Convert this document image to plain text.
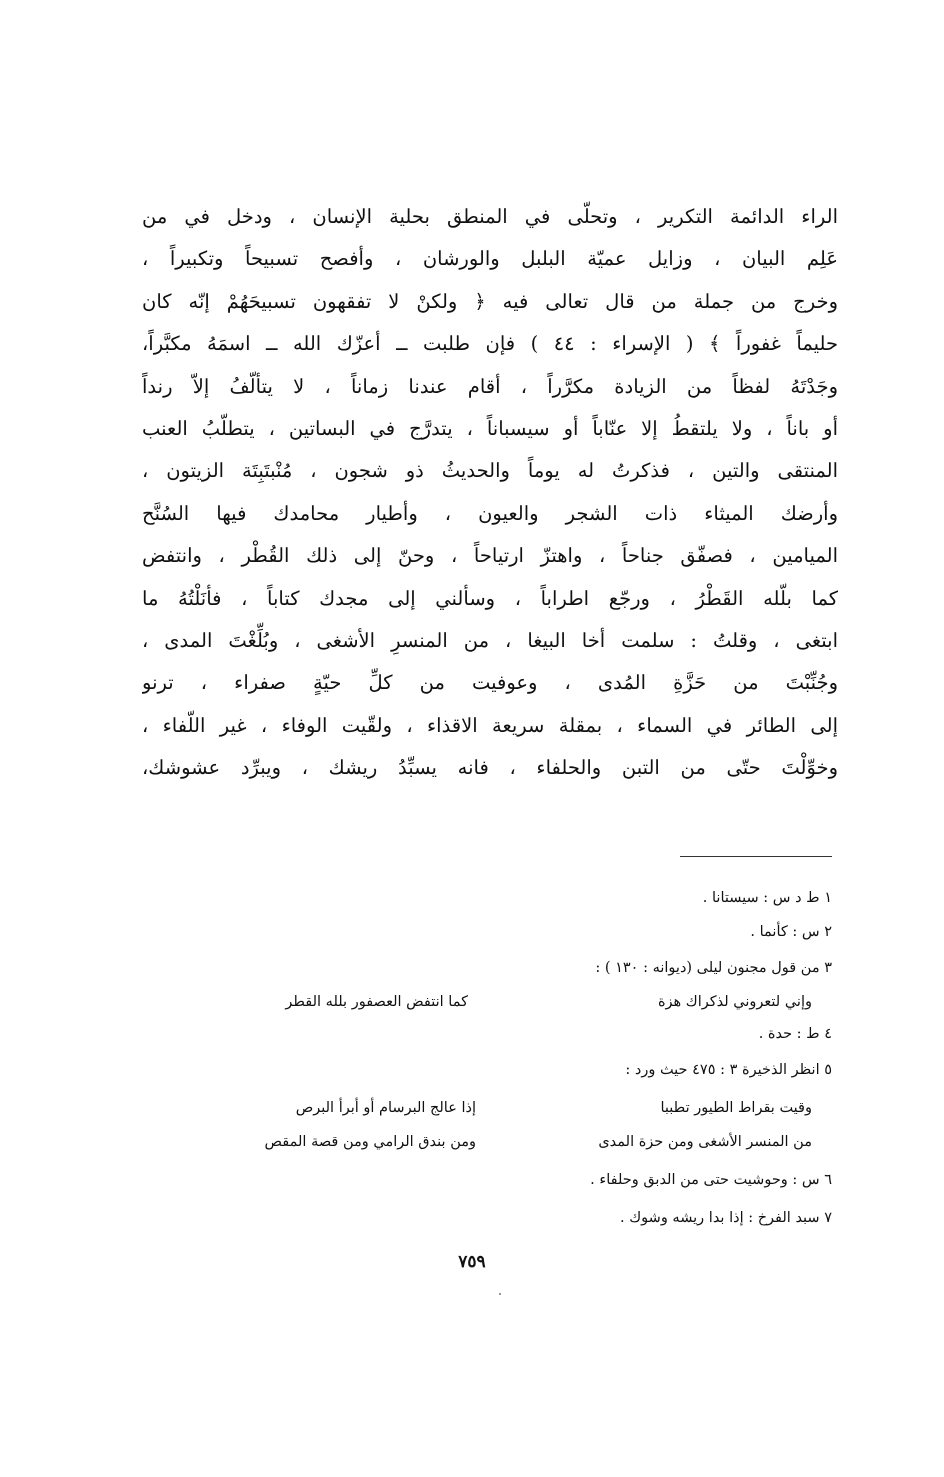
الراء الدائمة التكرير ، وتحلّى في المنطق بحلية الإنسان ، ودخل في من
عَلِم البيان ، وزايل عميّة البلبل والورشان ، وأفصح تسبيحاً وتكبيراً ،
وخرج من جملة من قال تعالى فيه ﴿ ولكنْ لا تفقهون تسبيحَهُمْ إنّه كان
حليماً غفوراً ﴾ ( الإسراء : ٤٤ ) فإن طلبت ــ أعزّك الله ــ اسمَهُ مكبَّراً،
وجَدْتَهُ لفظاً من الزيادة مكرَّراً ، أقام عندنا زماناً ، لا يتألّفُ إلاّ رنداً
أو باناً ، ولا يلتقطُ إلا عنّاباً أو سيسباناً ، يتدرَّج في البساتين ، يتطلّبُ العنب
المنتقى والتين ، فذكرتُ له يوماً والحديثُ ذو شجون ، مُنْبتَبِتَة الزيتون ،
وأرضك الميثاء ذات الشجر والعيون ، وأطيار محامدك فيها السُنَّح
الميامين ، فصفّق جناحاً ، واهتزّ ارتياحاً ، وحنّ إلى ذلك القُطْر ، وانتفض
كما بلّله القَطْرُ ، ورجّع اطراباً ، وسألني إلى مجدك كتاباً ، فأنَلْتُهُ ما
ابتغى ، وقلتُ : سلمت أخا البيغا ، من المنسرِ الأشغى ، وبُلِّغْتَ المدى ،
وجُنِّبْتَ من حَزَّةِ المُدى ، وعوفيت من كلِّ حيّةٍ صفراء ، ترنو
إلى الطائر في السماء ، بمقلة سريعة الاقذاء ، ولقّيت الوفاء ، غير اللّفاء ،
وخوِّلْتَ حتّى من التبن والحلفاء ، فانه يسبِّدُ ريشك ، ويبرِّد عشوشك،
١ ط د س : سيستانا .
٢ س : كأنما .
٣ من قول مجنون ليلى (ديوانه : ١٣٠ ) :
وإني لتعروني لذكراك هزة
كما انتفض العصفور بلله القطر
٤ ط : حدة .
٥ انظر الذخيرة ٣ : ٤٧٥ حيث ورد :
وقيت بقراط الطيور تطببا
إذا عالج البرسام أو أبرأ البرص
من المنسر الأشغى ومن حزة المدى
ومن بندق الرامي ومن قصة المقص
٦ س : وحوشيت حتى من الدبق وحلفاء .
٧ سبد الفرخ : إذا بدا ريشه وشوك .
٧٥٩
